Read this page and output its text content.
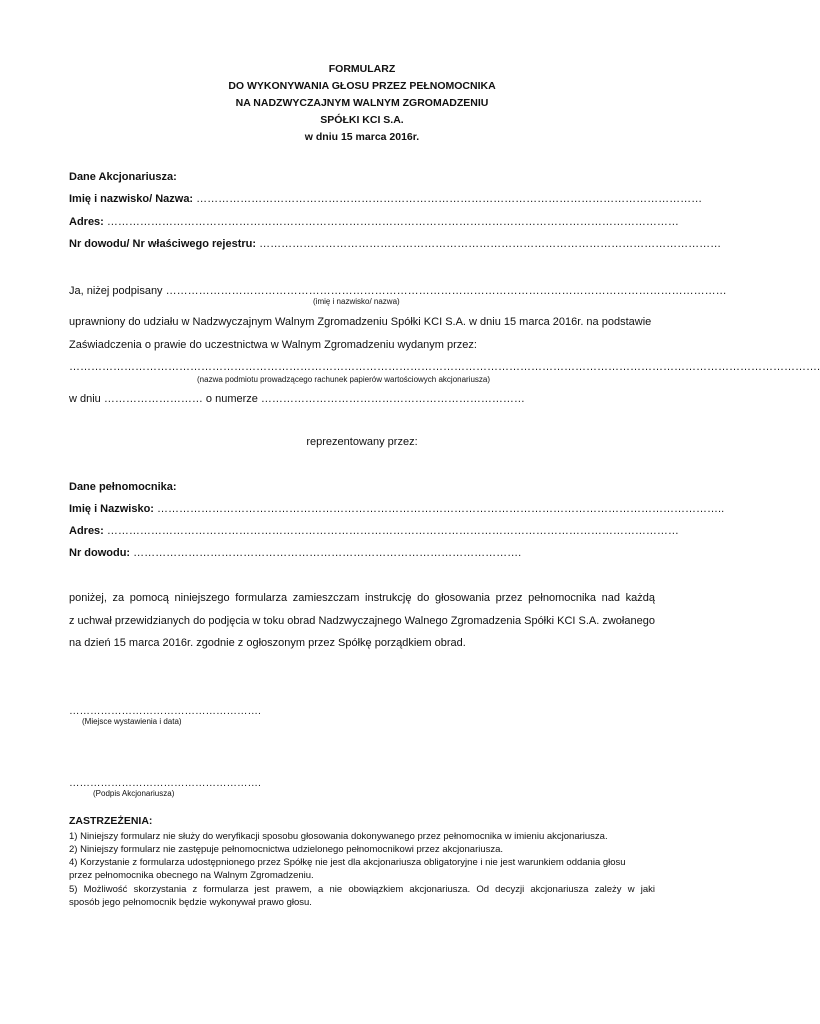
FORMULARZ
DO WYKONYWANIA GŁOSU PRZEZ PEŁNOMOCNIKA
NA NADZWYCZAJNYM WALNYM ZGROMADZENIU
SPÓŁKI KCI S.A.
w dniu 15 marca 2016r.
Dane Akcjonariusza:
Imię i nazwisko/ Nazwa: …………………………………………………………………………………………………………………………
Adres: …………………………………………………………………………………………………………………………………………
Nr dowodu/ Nr właściwego rejestru: ………………………………………………………………………………………………………………
Ja, niżej podpisany ………………………………………………………………………………………………………………………………………
(imię i nazwisko/ nazwa)
uprawniony do udziału w Nadzwyczajnym Walnym Zgromadzeniu Spółki KCI S.A. w dniu 15 marca 2016r. na podstawie
Zaświadczenia o prawie do uczestnictwa w Walnym Zgromadzeniu wydanym przez:
…………………………………………………………………………………………………………………………………………………………………………………….
(nazwa podmiotu prowadzącego rachunek papierów wartościowych akcjonariusza)
w dniu ……………………… o numerze ………………………………………………………………
reprezentowany przez:
Dane pełnomocnika:
Imię i Nazwisko: ………………………………………………………………………………………………………………………………………..
Adres: …………………………………………………………………………………………………………………………………………
Nr dowodu: …………………………………………………………………………………………….
poniżej, za pomocą niniejszego formularza zamieszczam instrukcję do głosowania przez pełnomocnika nad każdą
z uchwał przewidzianych do podjęcia w toku obrad Nadzwyczajnego Walnego Zgromadzenia Spółki KCI S.A. zwołanego
na dzień 15 marca 2016r. zgodnie z ogłoszonym przez Spółkę porządkiem obrad.
……………………………………………….
(Miejsce wystawienia i data)
……………………………………………….
(Podpis Akcjonariusza)
ZASTRZEŻENIA:
1) Niniejszy formularz nie służy do weryfikacji sposobu głosowania dokonywanego przez pełnomocnika w imieniu akcjonariusza.
2) Niniejszy formularz nie zastępuje pełnomocnictwa udzielonego pełnomocnikowi przez akcjonariusza.
4) Korzystanie z formularza udostępnionego przez Spółkę nie jest dla akcjonariusza obligatoryjne i nie jest warunkiem oddania głosu
przez pełnomocnika obecnego na Walnym Zgromadzeniu.
5) Możliwość skorzystania z formularza jest prawem, a nie obowiązkiem akcjonariusza. Od decyzji akcjonariusza zależy w jaki
sposób jego pełnomocnik będzie wykonywał prawo głosu.
